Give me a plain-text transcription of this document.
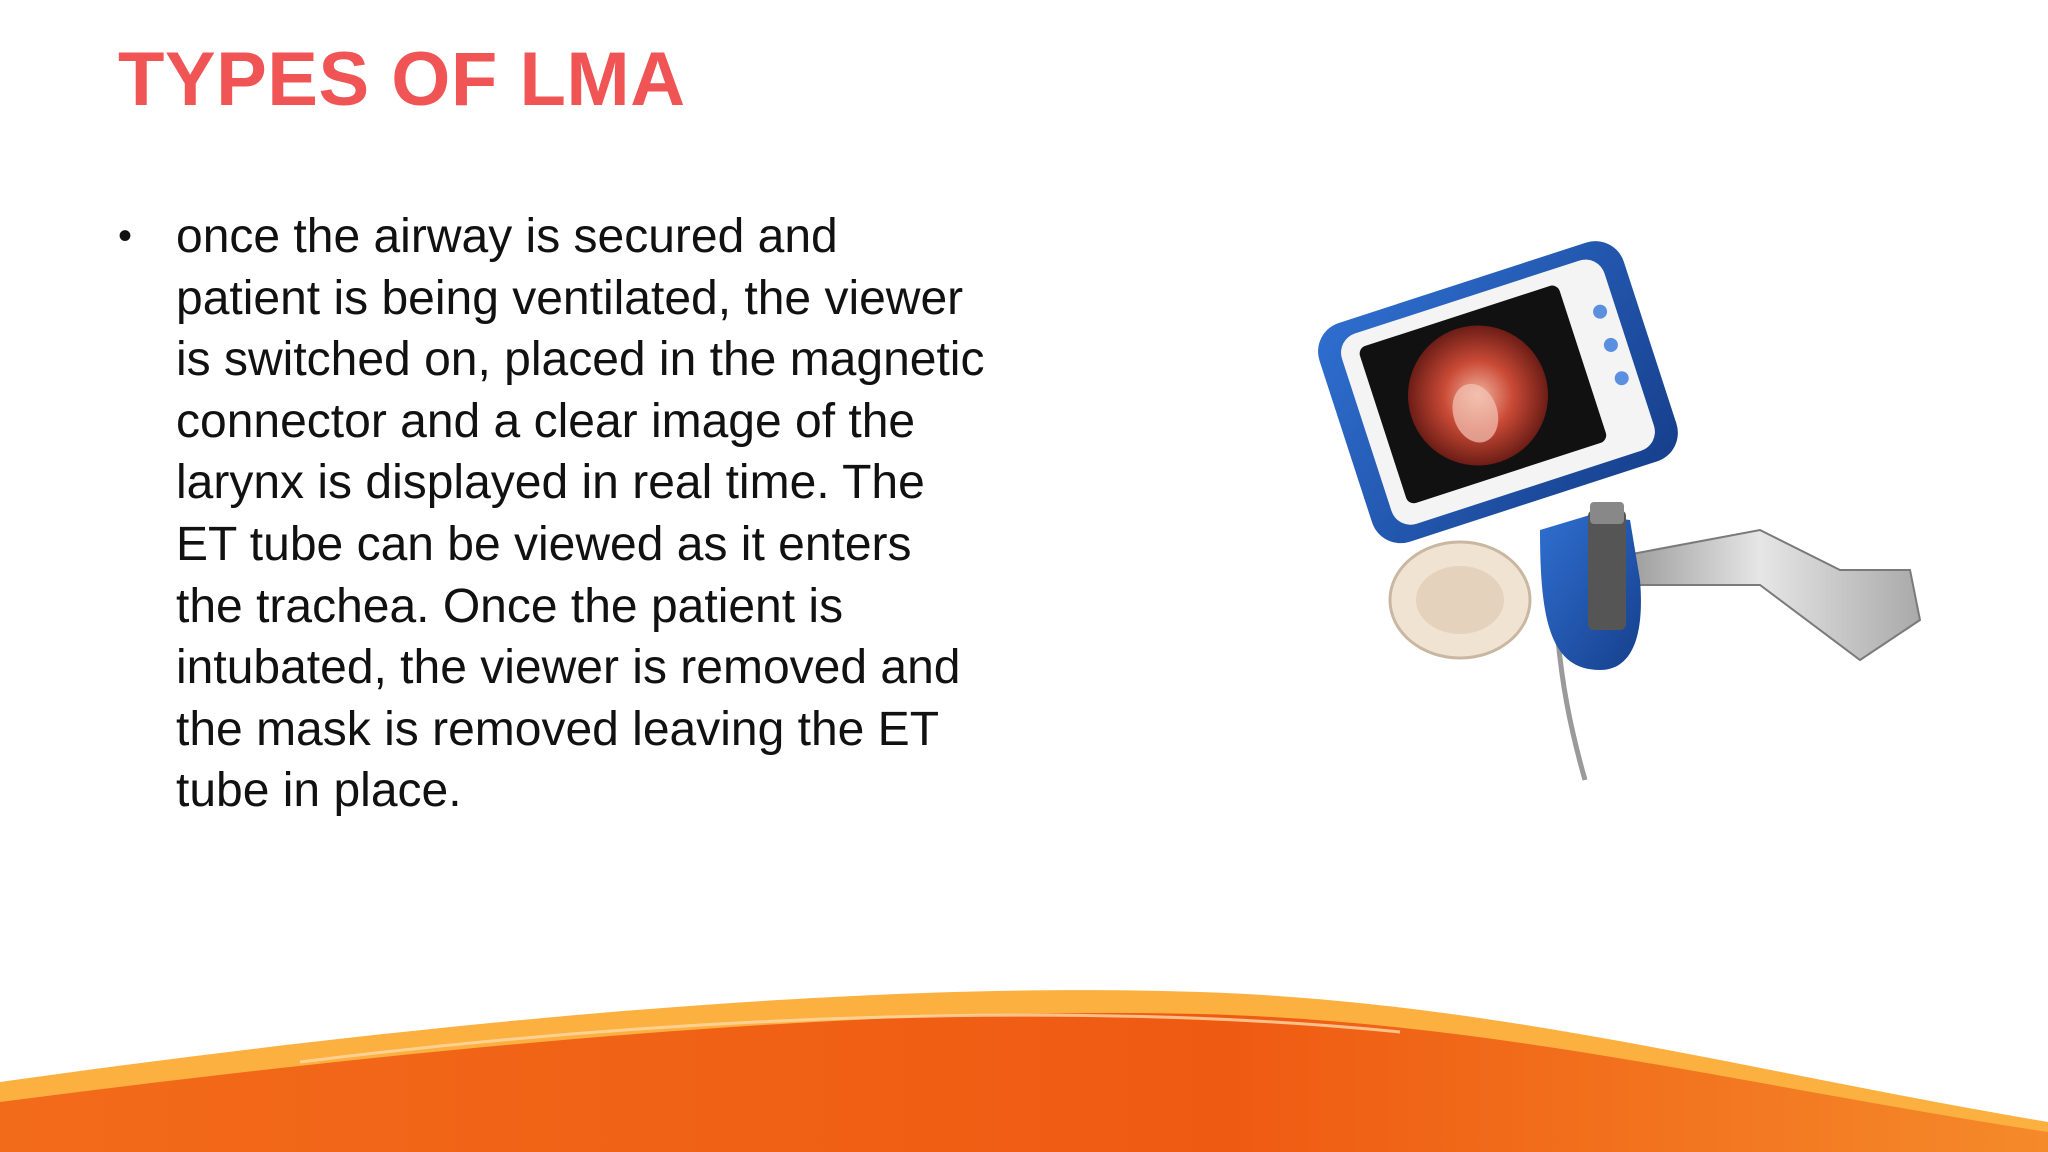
TYPES OF LMA
• once the airway is secured and patient is being ventilated, the viewer is switched on, placed in the magnetic connector and a clear image of the larynx is displayed in real time. The ET tube can be viewed as it enters the trachea. Once the patient is intubated, the viewer is removed and the mask is removed leaving the ET tube in place.
